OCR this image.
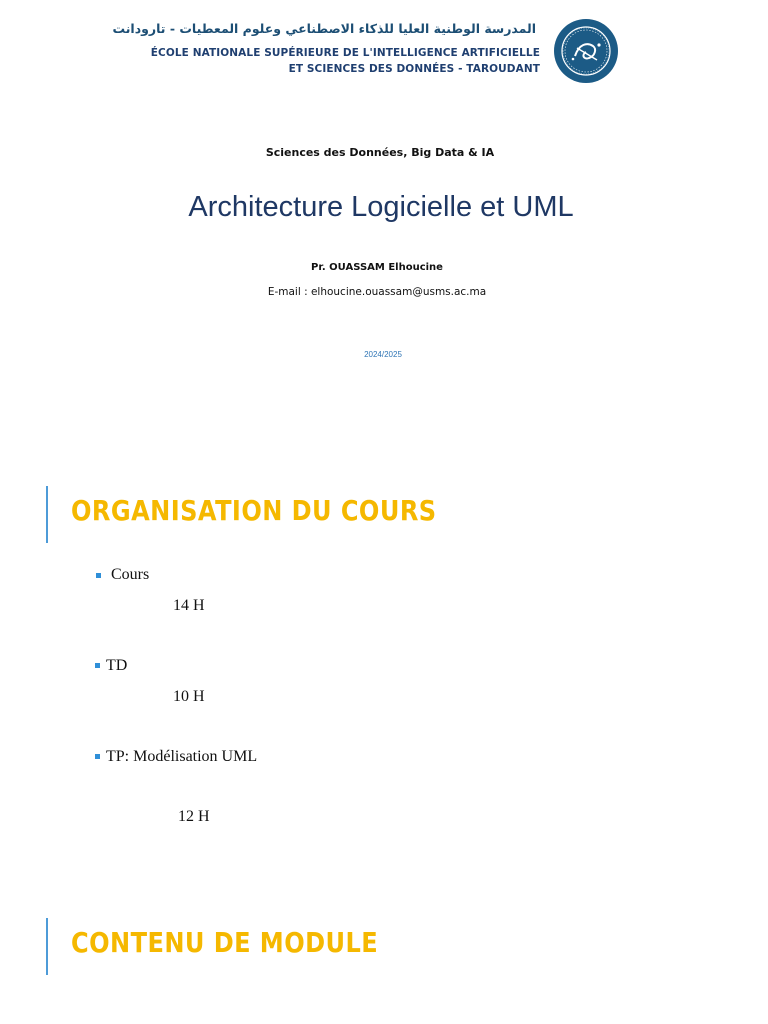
المدرسة الوطنية العليا للذكاء الاصطناعي وعلوم المعطيات - تارودانت
ÉCOLE NATIONALE SUPÉRIEURE DE L'INTELLIGENCE ARTIFICIELLE
ET SCIENCES DES DONNÉES - TAROUDANT
Sciences des Données, Big Data & IA
Architecture Logicielle et UML
Pr. OUASSAM Elhoucine
E-mail : elhoucine.ouassam@usms.ac.ma
2024/2025
ORGANISATION DU COURS
Cours
14 H
TD
10 H
TP: Modélisation UML
12 H
CONTENU DE MODULE
